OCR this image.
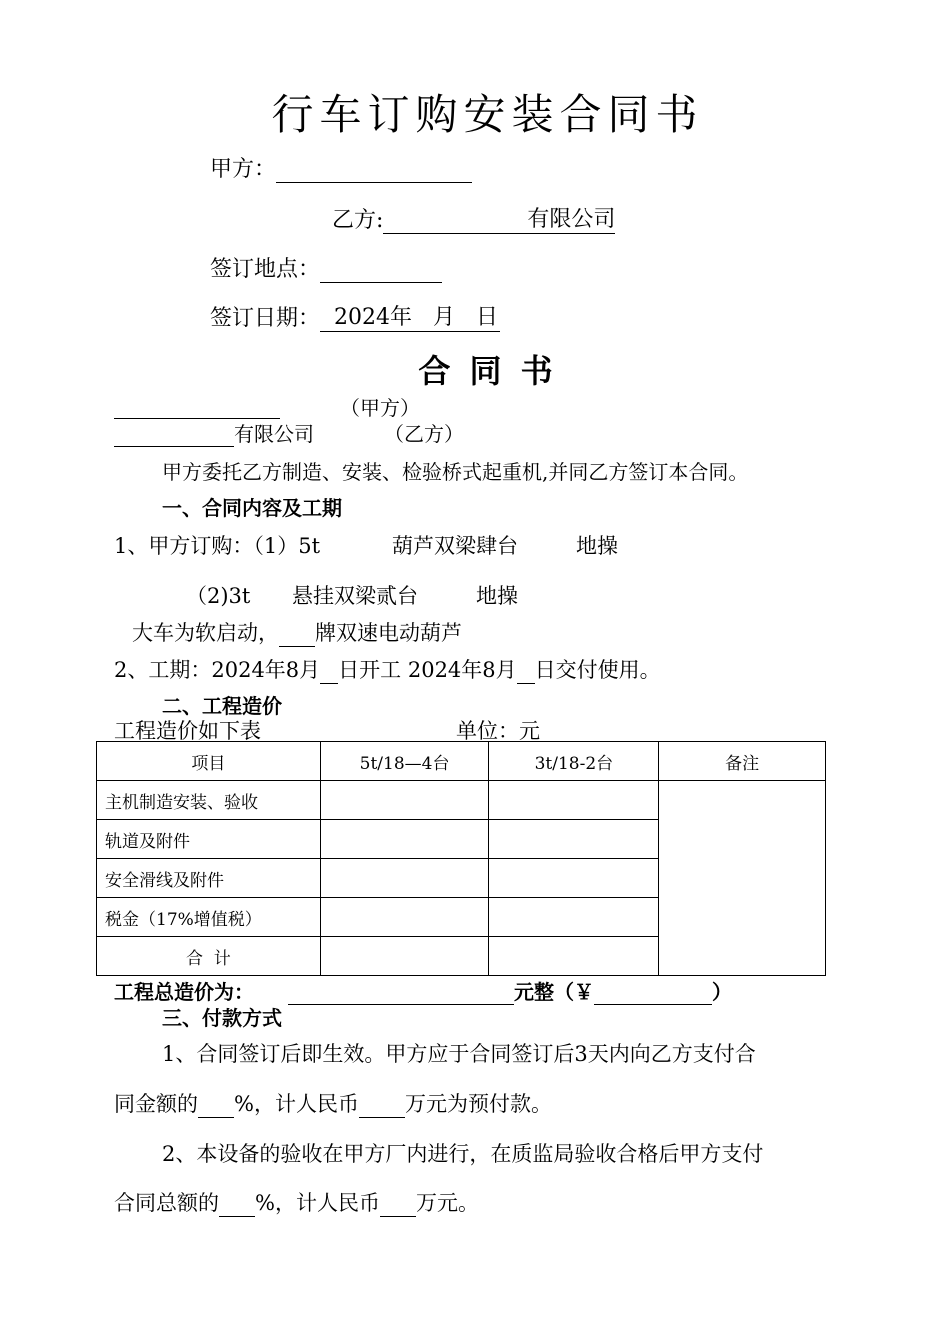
行车订购安装合同书
甲方：
乙方:	有限公司
签订地点：
签订日期： 2024年   月   日
合 同 书
（甲方）
有限公司	（乙方）
甲方委托乙方制造、安装、检验桥式起重机,并同乙方签订本合同。
一、合同内容及工期
1、甲方订购：（1）5t	葫芦双梁肆台	地操
（2)3t 悬挂双梁贰台	地操
大车为软启动， 牌双速电动葫芦
2、工期：2024年8月 日开工 2024年8月 日交付使用。
二、工程造价
工程造价如下表	单位：元
项目	5t/18—4台	3t/18-2台	备注
主机制造安装、验收			
轨道及附件			
安全滑线及附件			
税金（17%增值税）			
合  计			
工程总造价为：	元整（￥	）
三、付款方式
1、合同签订后即生效。甲方应于合同签订后3天内向乙方支付合
同金额的 %，计人民币 万元为预付款。
2、本设备的验收在甲方厂内进行，在质监局验收合格后甲方支付
合同总额的 %，计人民币 万元。
